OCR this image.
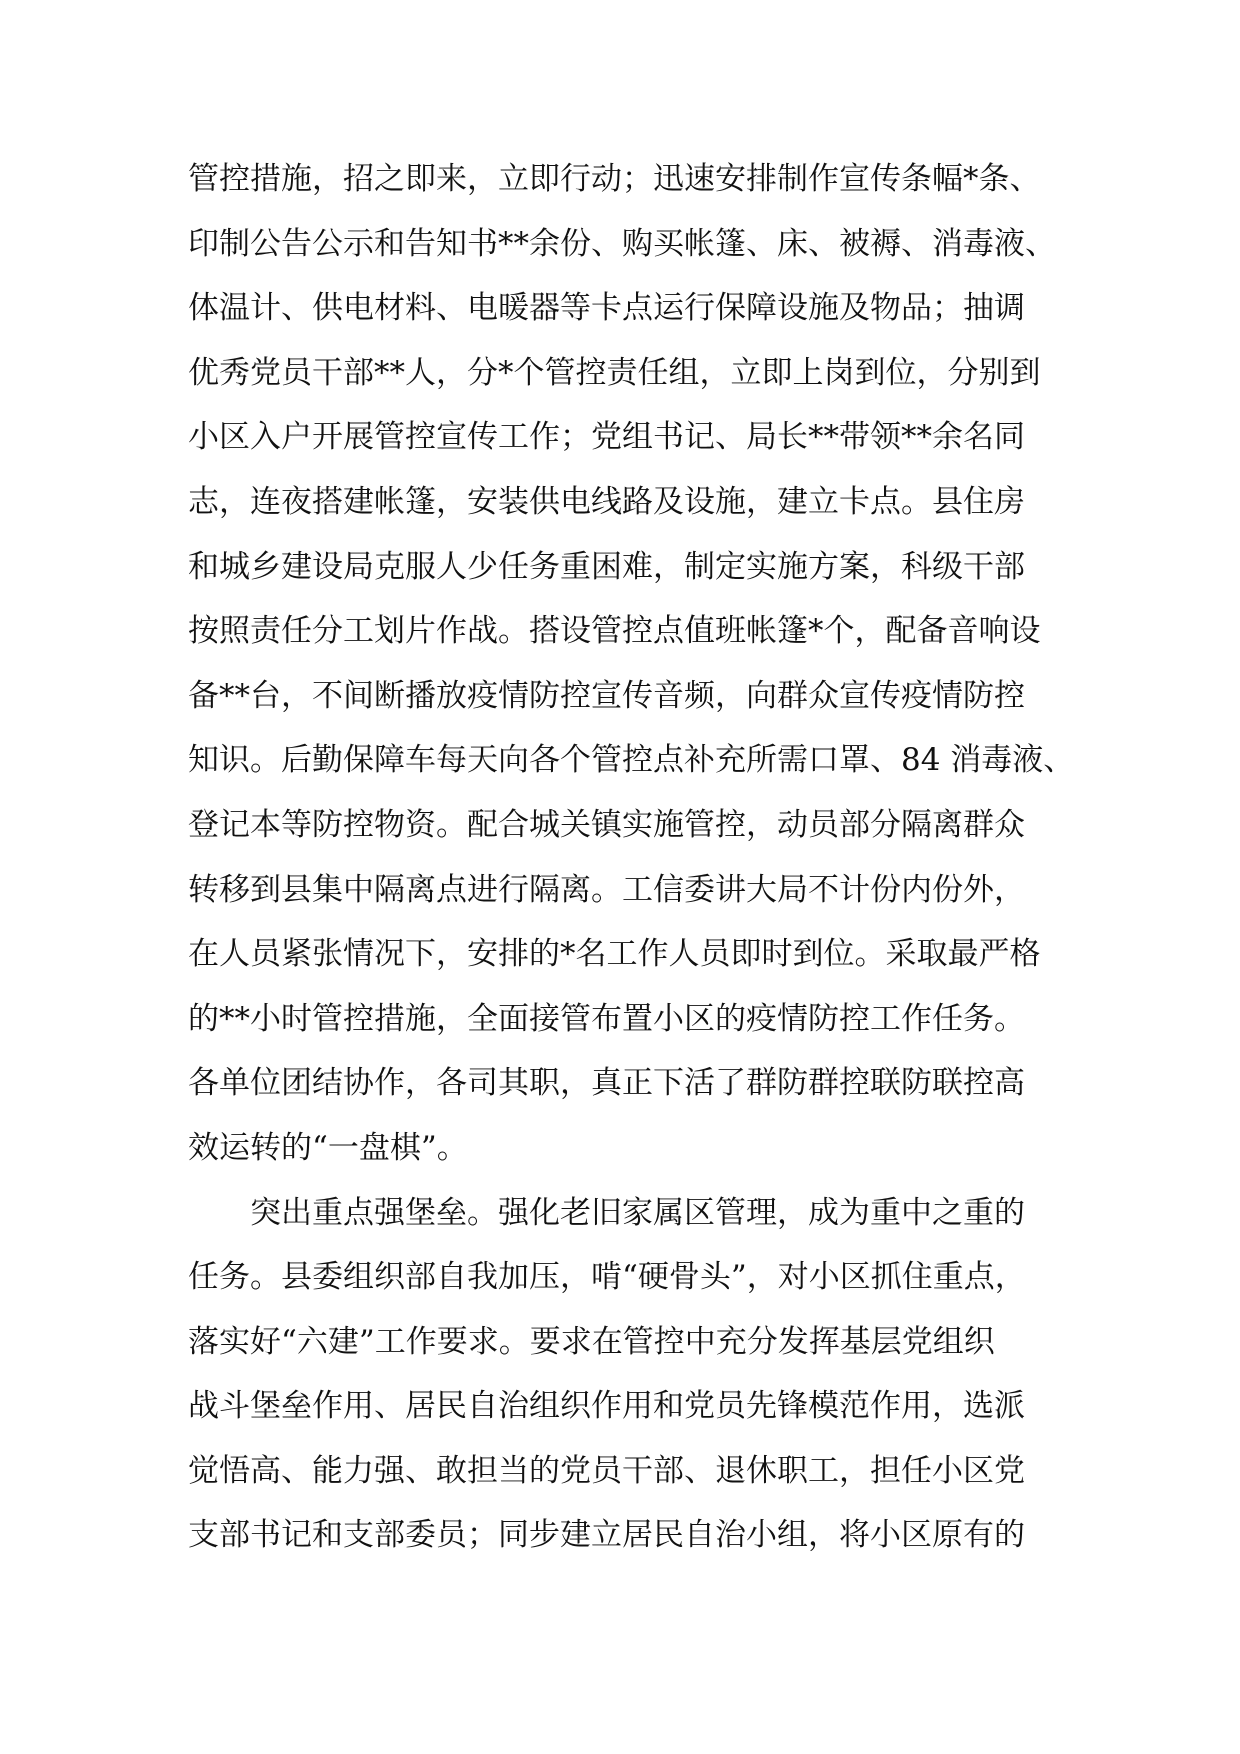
管控措施，招之即来，立即行动；迅速安排制作宣传条幅*条、
印制公告公示和告知书**余份、购买帐篷、床、被褥、消毒液、
体温计、供电材料、电暖器等卡点运行保障设施及物品；抽调
优秀党员干部**人，分*个管控责任组，立即上岗到位，分别到
小区入户开展管控宣传工作；党组书记、局长**带领**余名同
志，连夜搭建帐篷，安装供电线路及设施，建立卡点。县住房
和城乡建设局克服人少任务重困难，制定实施方案，科级干部
按照责任分工划片作战。搭设管控点值班帐篷*个，配备音响设
备**台，不间断播放疫情防控宣传音频，向群众宣传疫情防控
知识。后勤保障车每天向各个管控点补充所需口罩、84 消毒液、
登记本等防控物资。配合城关镇实施管控，动员部分隔离群众
转移到县集中隔离点进行隔离。工信委讲大局不计份内份外，
在人员紧张情况下，安排的*名工作人员即时到位。采取最严格
的**小时管控措施，全面接管布置小区的疫情防控工作任务。
各单位团结协作，各司其职，真正下活了群防群控联防联控高
效运转的“一盘棋”。
突出重点强堡垒。强化老旧家属区管理，成为重中之重的
任务。县委组织部自我加压，啃“硬骨头”，对小区抓住重点，
落实好“六建”工作要求。要求在管控中充分发挥基层党组织
战斗堡垒作用、居民自治组织作用和党员先锋模范作用，选派
觉悟高、能力强、敢担当的党员干部、退休职工，担任小区党
支部书记和支部委员；同步建立居民自治小组，将小区原有的
